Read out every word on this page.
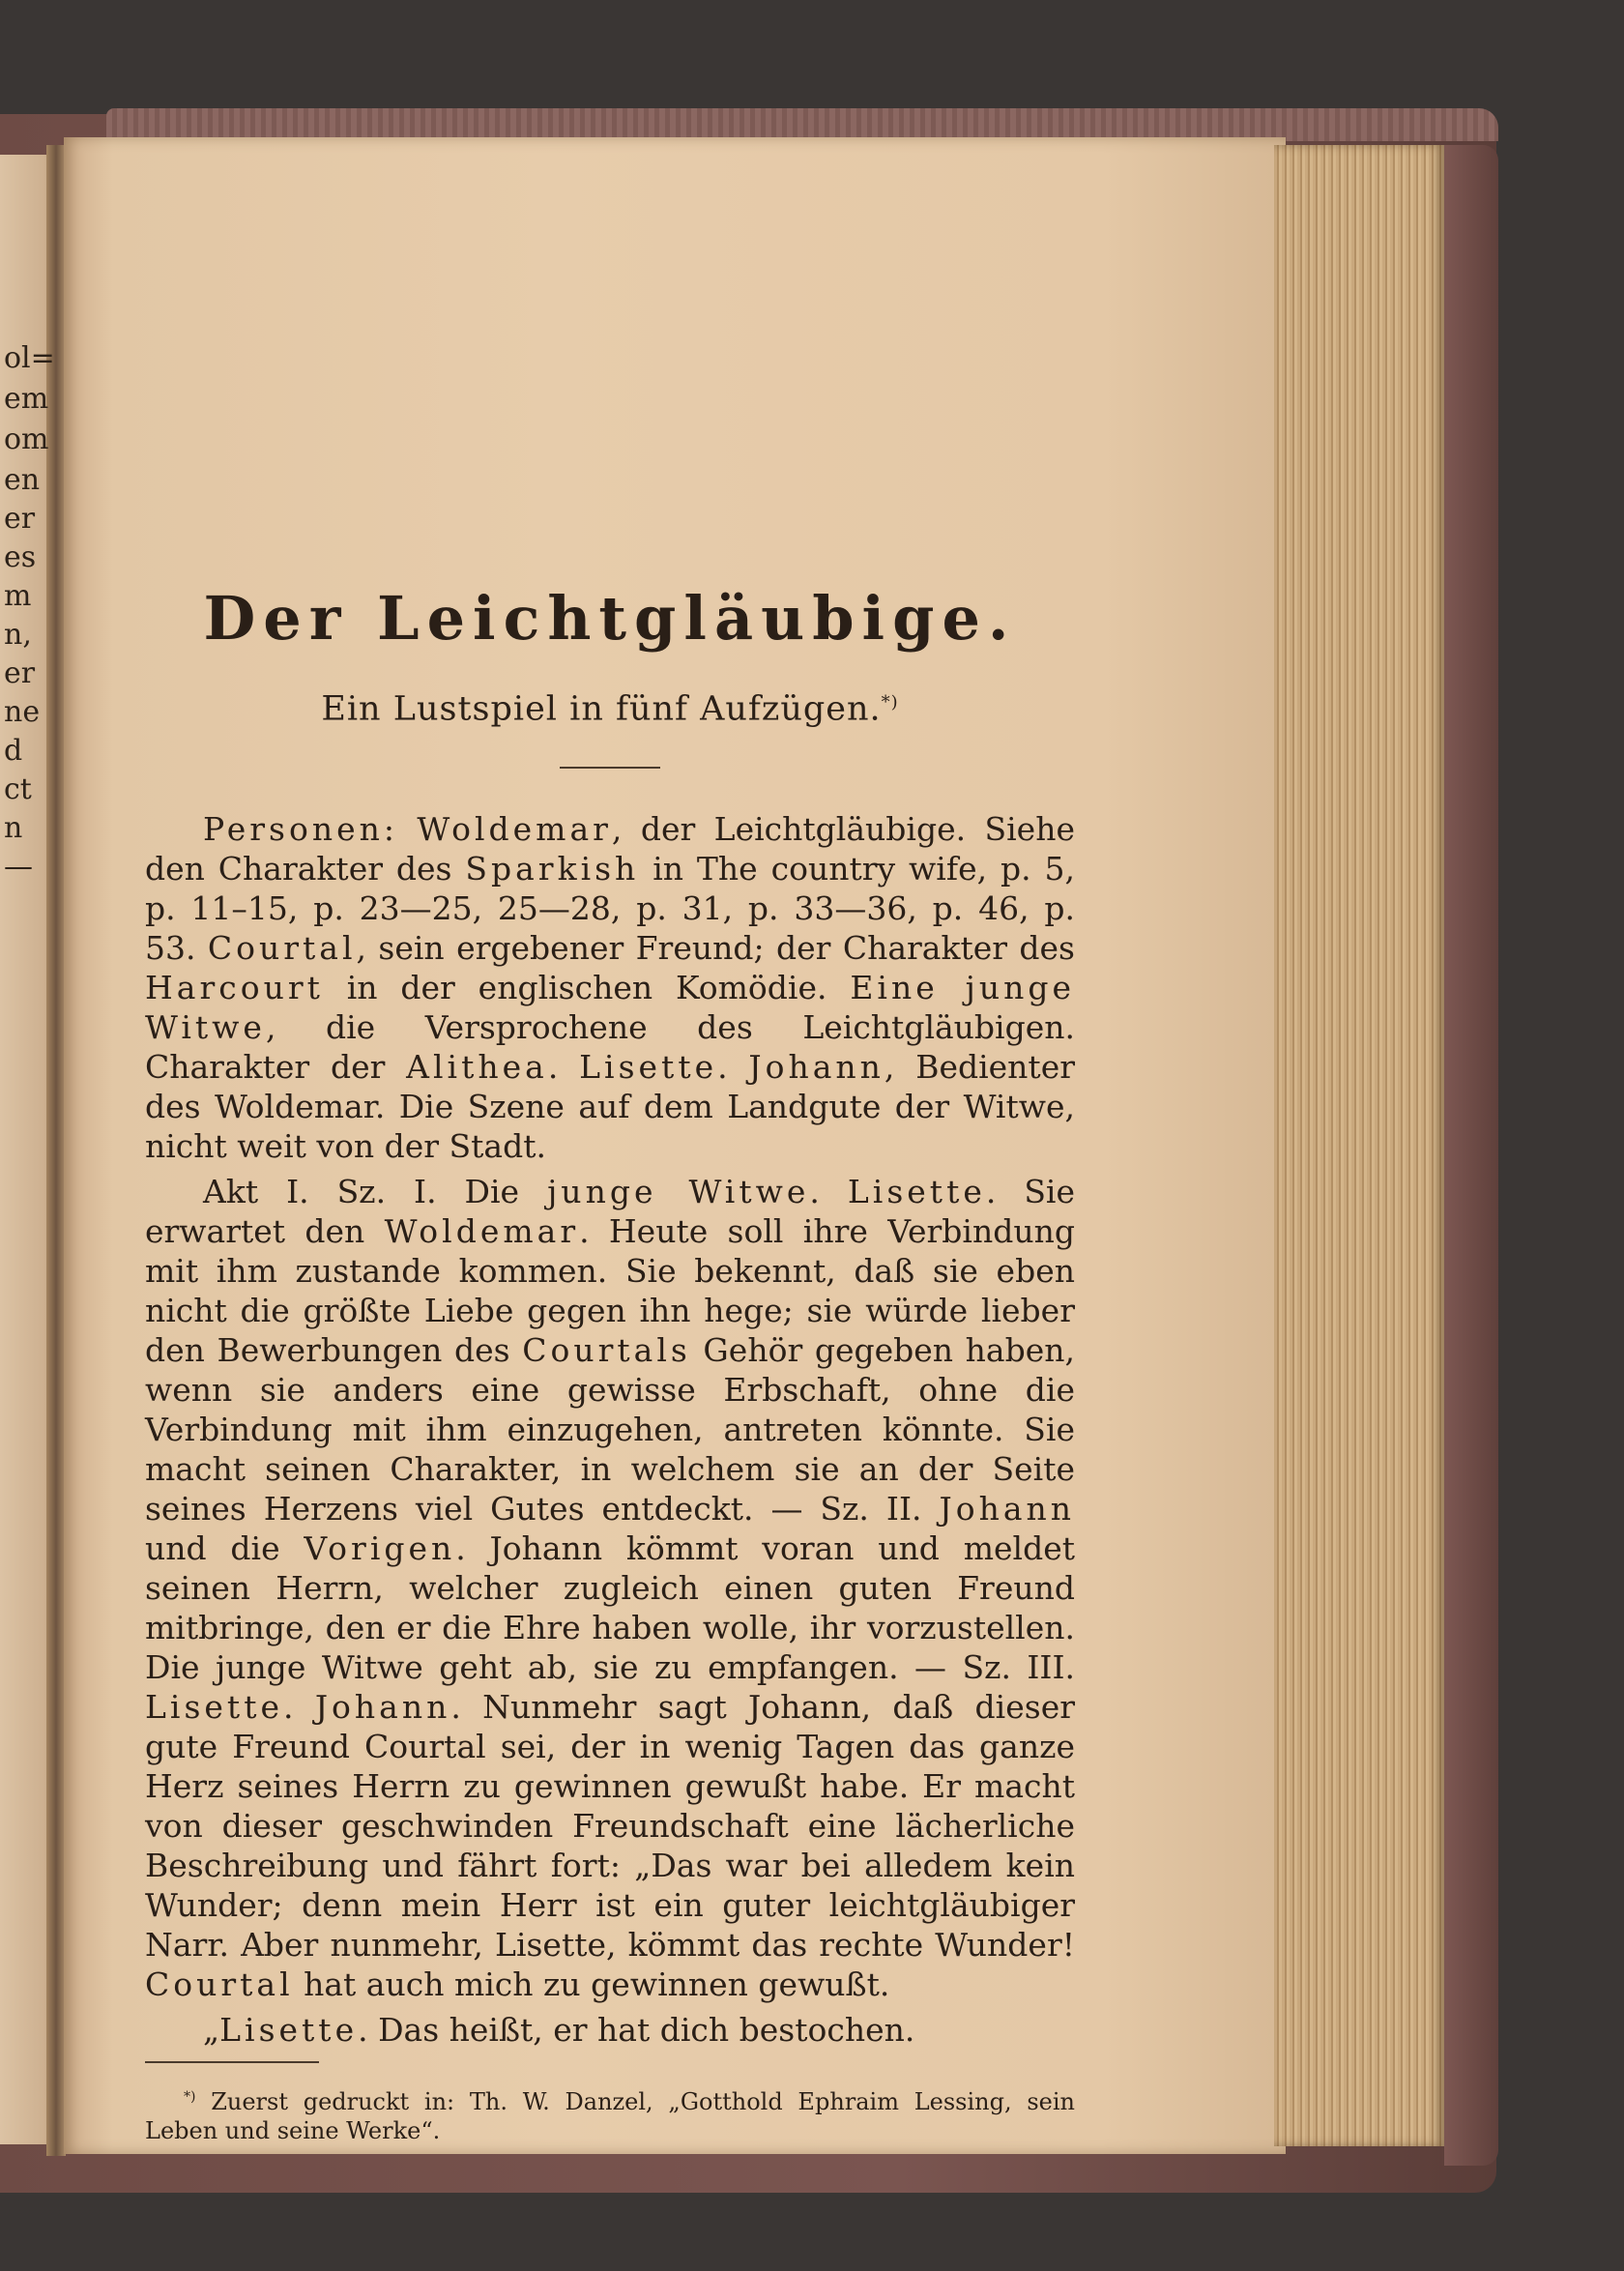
ol=
em
om
en
er
es
m
n,
er
ne
d
ct
n
—
Der Leichtgläubige.

Ein Lustspiel in fünf Aufzügen.*)

Personen: Woldemar, der Leichtgläubige. Siehe den Charakter des Sparkish in The country wife, p. 5, p. 11–15, p. 23—25, 25—28, p. 31, p. 33—36, p. 46, p. 53. Courtal, sein ergebener Freund; der Charakter des Harcourt in der englischen Komödie. Eine junge Witwe, die Versprochene des Leichtgläubigen. Charakter der Alithea. Lisette. Johann, Bedienter des Woldemar. Die Szene auf dem Landgute der Witwe, nicht weit von der Stadt.

Akt I. Sz. I. Die junge Witwe. Lisette. Sie erwartet den Woldemar. Heute soll ihre Verbindung mit ihm zustande kommen. Sie bekennt, daß sie eben nicht die größte Liebe gegen ihn hege; sie würde lieber den Bewerbungen des Courtals Gehör gegeben haben, wenn sie anders eine gewisse Erbschaft, ohne die Verbindung mit ihm einzugehen, antreten könnte. Sie macht seinen Charakter, in welchem sie an der Seite seines Herzens viel Gutes entdeckt. — Sz. II. Johann und die Vorigen. Johann kömmt voran und meldet seinen Herrn, welcher zugleich einen guten Freund mitbringe, den er die Ehre haben wolle, ihr vorzustellen. Die junge Witwe geht ab, sie zu empfangen. — Sz. III. Lisette. Johann. Nunmehr sagt Johann, daß dieser gute Freund Courtal sei, der in wenig Tagen das ganze Herz seines Herrn zu gewinnen gewußt habe. Er macht von dieser geschwinden Freundschaft eine lächerliche Beschreibung und fährt fort: „Das war bei alledem kein Wunder; denn mein Herr ist ein guter leichtgläubiger Narr. Aber nunmehr, Lisette, kömmt das rechte Wunder! Courtal hat auch mich zu gewinnen gewußt.

„Lisette. Das heißt, er hat dich bestochen.

*) Zuerst gedruckt in: Th. W. Danzel, „Gotthold Ephraim Lessing, sein Leben und seine Werke“.
